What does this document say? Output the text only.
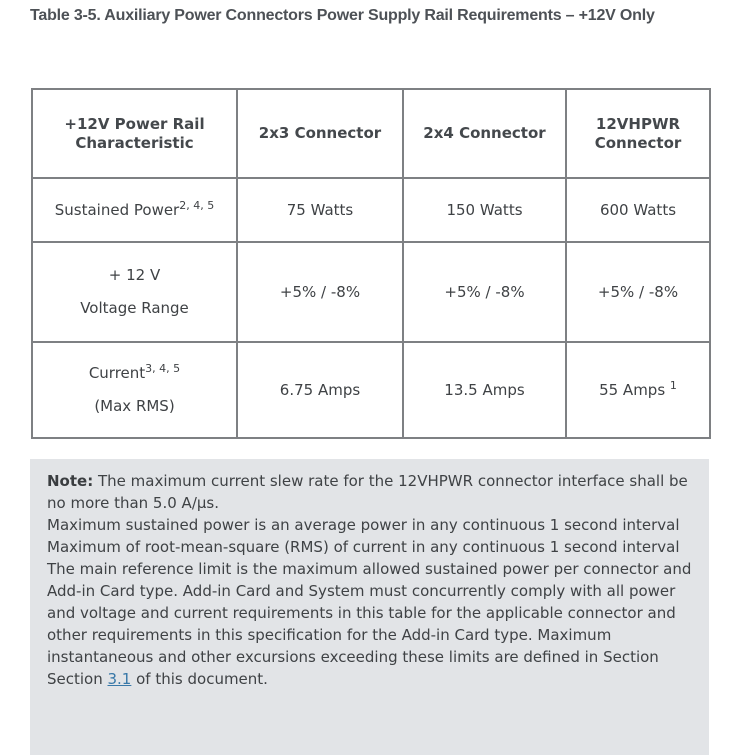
Table 3-5. Auxiliary Power Connectors Power Supply Rail Requirements – +12V Only
+12V Power Rail Characteristic	2x3 Connector	2x4 Connector	12VHPWR Connector
Sustained Power$^{2, 4, 5}$	75 Watts	150 Watts	600 Watts
+ 12 V
Voltage Range	+5% / -8%	+5% / -8%	+5% / -8%
Current$^{3, 4, 5}$
(Max RMS)	6.75 Amps	13.5 Amps	55 Amps $^1$

Note: The maximum current slew rate for the 12VHPWR connector interface shall be no more than 5.0 A/µs.

Maximum sustained power is an average power in any continuous 1 second interval

Maximum of root-mean-square (RMS) of current in any continuous 1 second interval

The main reference limit is the maximum allowed sustained power per connector and Add-in Card type. Add-in Card and System must concurrently comply with all power and voltage and current requirements in this table for the applicable connector and other requirements in this specification for the Add-in Card type. Maximum instantaneous and other excursions exceeding these limits are defined in Section Section 3.1 of this document.
